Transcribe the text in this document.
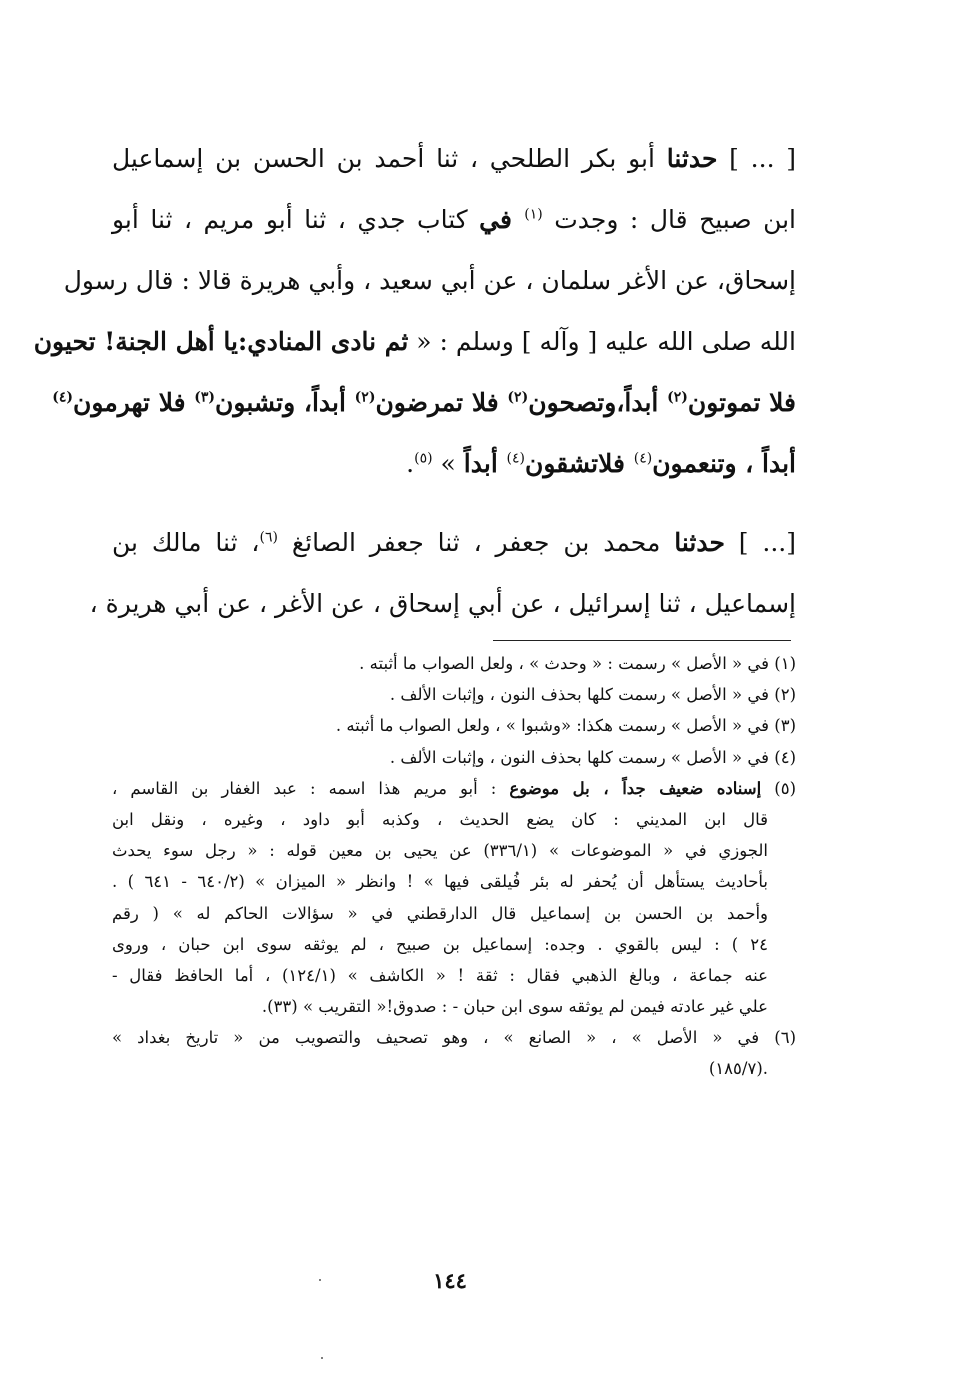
[ ... ] حدثنا أبو بكر الطلحي ، ثنا أحمد بن الحسن بن إسماعيل
ابن صبيح قال : وجدت $^{(١)}$ في كتاب جدي ، ثنا أبو مريم ، ثنا أبو
إسحاق، عن الأغر سلمان ، عن أبي سعيد ، وأبي هريرة قالا : قال رسول
الله صلى الله عليه [ وآله ] وسلم : « ثم نادى المنادي:يا أهل الجنة! تحيون
فلا تموتون$^{(٢)}$ أبداً،وتصحون$^{(٢)}$ فلا تمرضون$^{(٢)}$ أبداً، وتشبون$^{(٣)}$ فلا تهرمون$^{(٤)}$
أبداً ، وتنعمون$^{(٤)}$ فلاتشقون$^{(٤)}$ أبداً » $^{(٥)}$.
[... ] حدثنا محمد بن جعفر ، ثنا جعفر الصائغ $^{(٦)}$، ثنا مالك بن
إسماعيل ، ثنا إسرائيل ، عن أبي إسحاق ، عن الأغر ، عن أبي هريرة ،
(١) في « الأصل » رسمت : « وحدث » ، ولعل الصواب ما أثبته .
(٢) في « الأصل » رسمت كلها بحذف النون ، وإثبات الألف .
(٣) في « الأصل » رسمت هكذا: «وشبوا » ، ولعل الصواب ما أثبته .
(٤) في « الأصل » رسمت كلها بحذف النون ، وإثبات الألف .
(٥) إسناده ضعيف جداً ، بل موضوع : أبو مريم هذا اسمه : عبد الغفار بن القاسم ،
قال ابن المديني : كان يضع الحديث ، وكذبه أبو داود ، وغيره ، ونقل ابن
الجوزي في « الموضوعات » (٣٣٦/١) عن يحيى بن معين قوله : « رجل سوء يحدث
بأحاديث يستأهل أن يُحفر له بئر فُيلقى فيها » ! وانظر « الميزان » (٦٤٠/٢ - ٦٤١ ) .
وأحمد بن الحسن بن إسماعيل قال الدارقطني في « سؤالات الحاكم له » ( رقم
٢٤ ) : ليس بالقوي . وجده: إسماعيل بن صبيح ، لم يوثقه سوى ابن حبان ، وروى
عنه جماعة ، وبالغ الذهبي فقال : ثقة ! « الكاشف » (١٢٤/١) ، أما الحافظ فقال -
علي غير عادته فيمن لم يوثقه سوى ابن حبان - : صدوق!« التقريب » (٣٣).
(٦) في « الأصل » ، « الصانع » ، وهو تصحيف والتصويب من « تاريخ بغداد »
.(١٨٥/٧)
١٤٤
